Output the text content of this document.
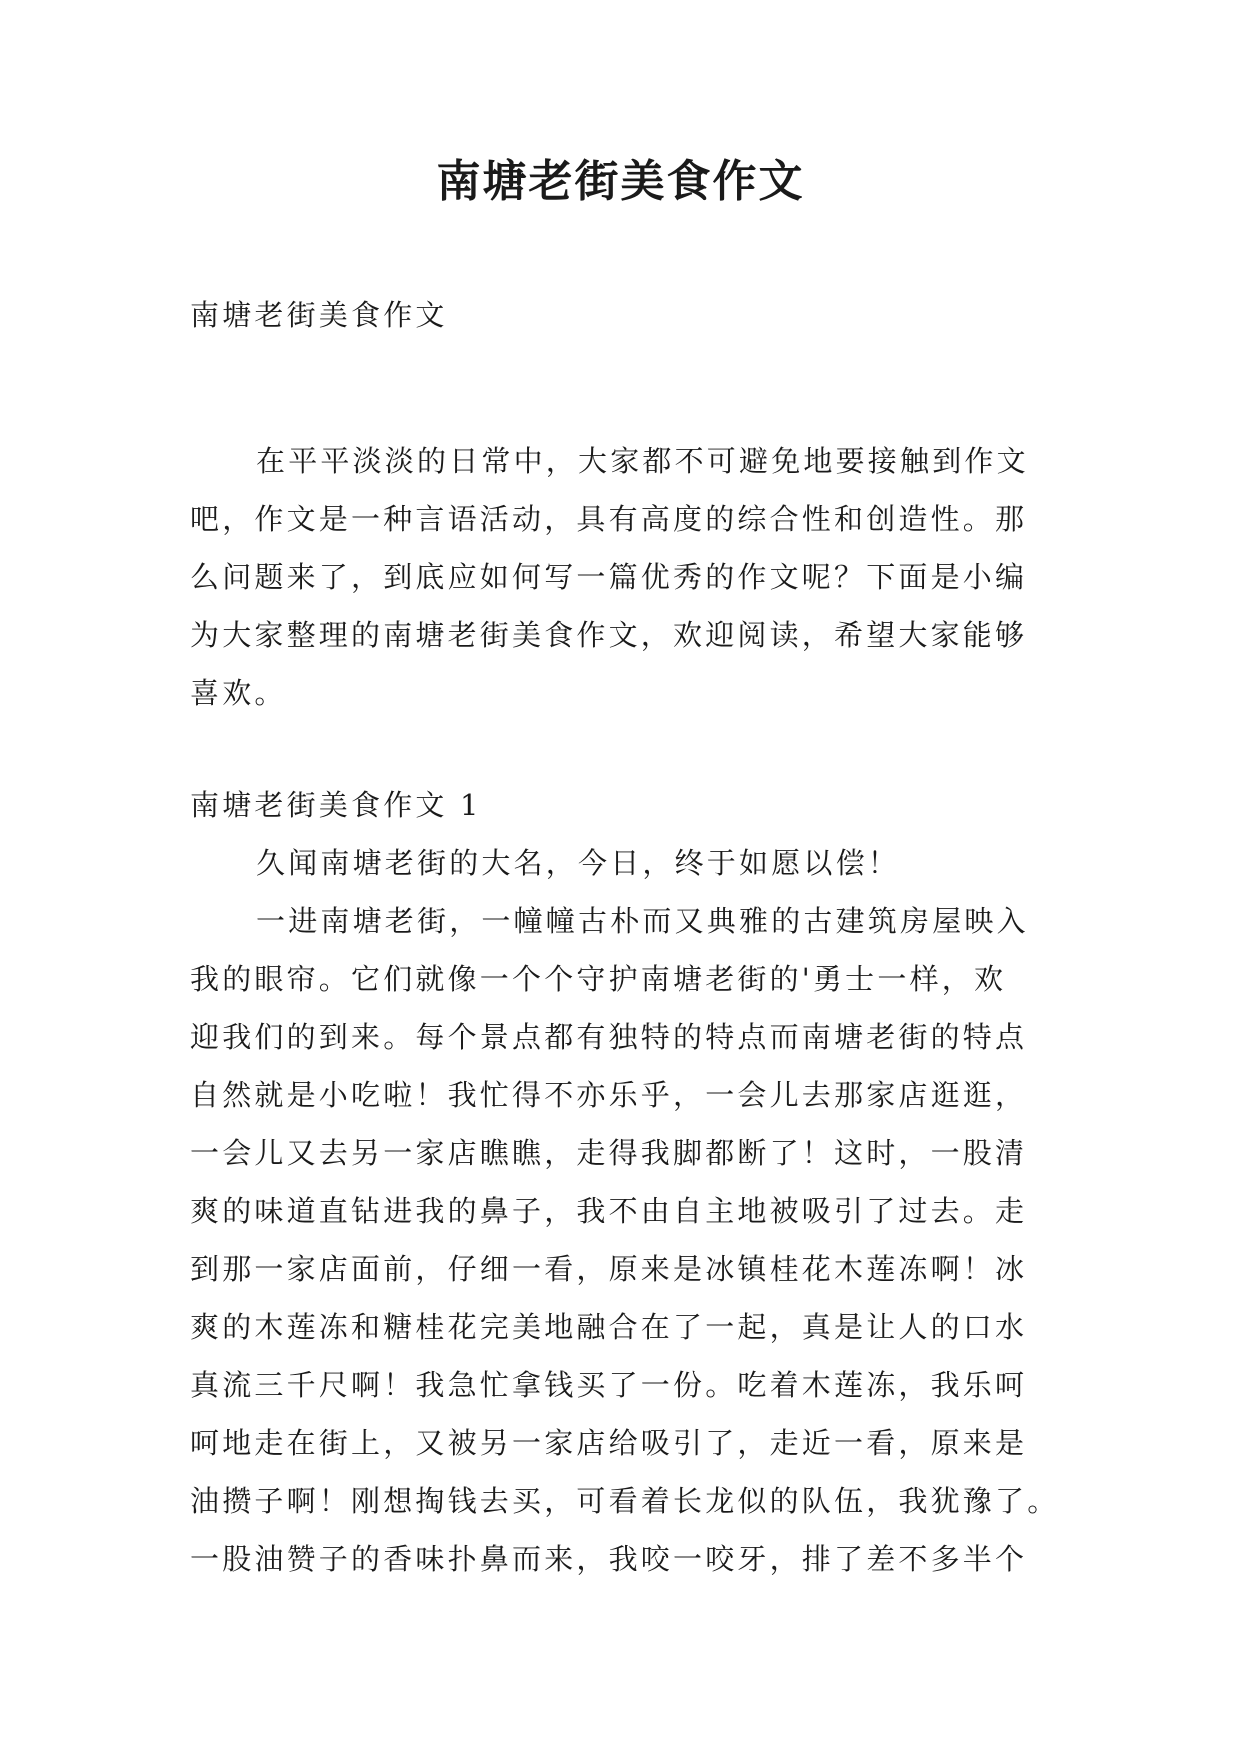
南塘老街美食作文
南塘老街美食作文
在平平淡淡的日常中，大家都不可避免地要接触到作文
吧，作文是一种言语活动，具有高度的综合性和创造性。那
么问题来了，到底应如何写一篇优秀的作文呢？下面是小编
为大家整理的南塘老街美食作文，欢迎阅读，希望大家能够
喜欢。
南塘老街美食作文 1
久闻南塘老街的大名，今日，终于如愿以偿！
一进南塘老街，一幢幢古朴而又典雅的古建筑房屋映入
我的眼帘。它们就像一个个守护南塘老街的'勇士一样，欢
迎我们的到来。每个景点都有独特的特点而南塘老街的特点
自然就是小吃啦！我忙得不亦乐乎，一会儿去那家店逛逛，
一会儿又去另一家店瞧瞧，走得我脚都断了！这时，一股清
爽的味道直钻进我的鼻子，我不由自主地被吸引了过去。走
到那一家店面前，仔细一看，原来是冰镇桂花木莲冻啊！冰
爽的木莲冻和糖桂花完美地融合在了一起，真是让人的口水
真流三千尺啊！我急忙拿钱买了一份。吃着木莲冻，我乐呵
呵地走在街上，又被另一家店给吸引了，走近一看，原来是
油攒子啊！刚想掏钱去买，可看着长龙似的队伍，我犹豫了。
一股油赞子的香味扑鼻而来，我咬一咬牙，排了差不多半个
